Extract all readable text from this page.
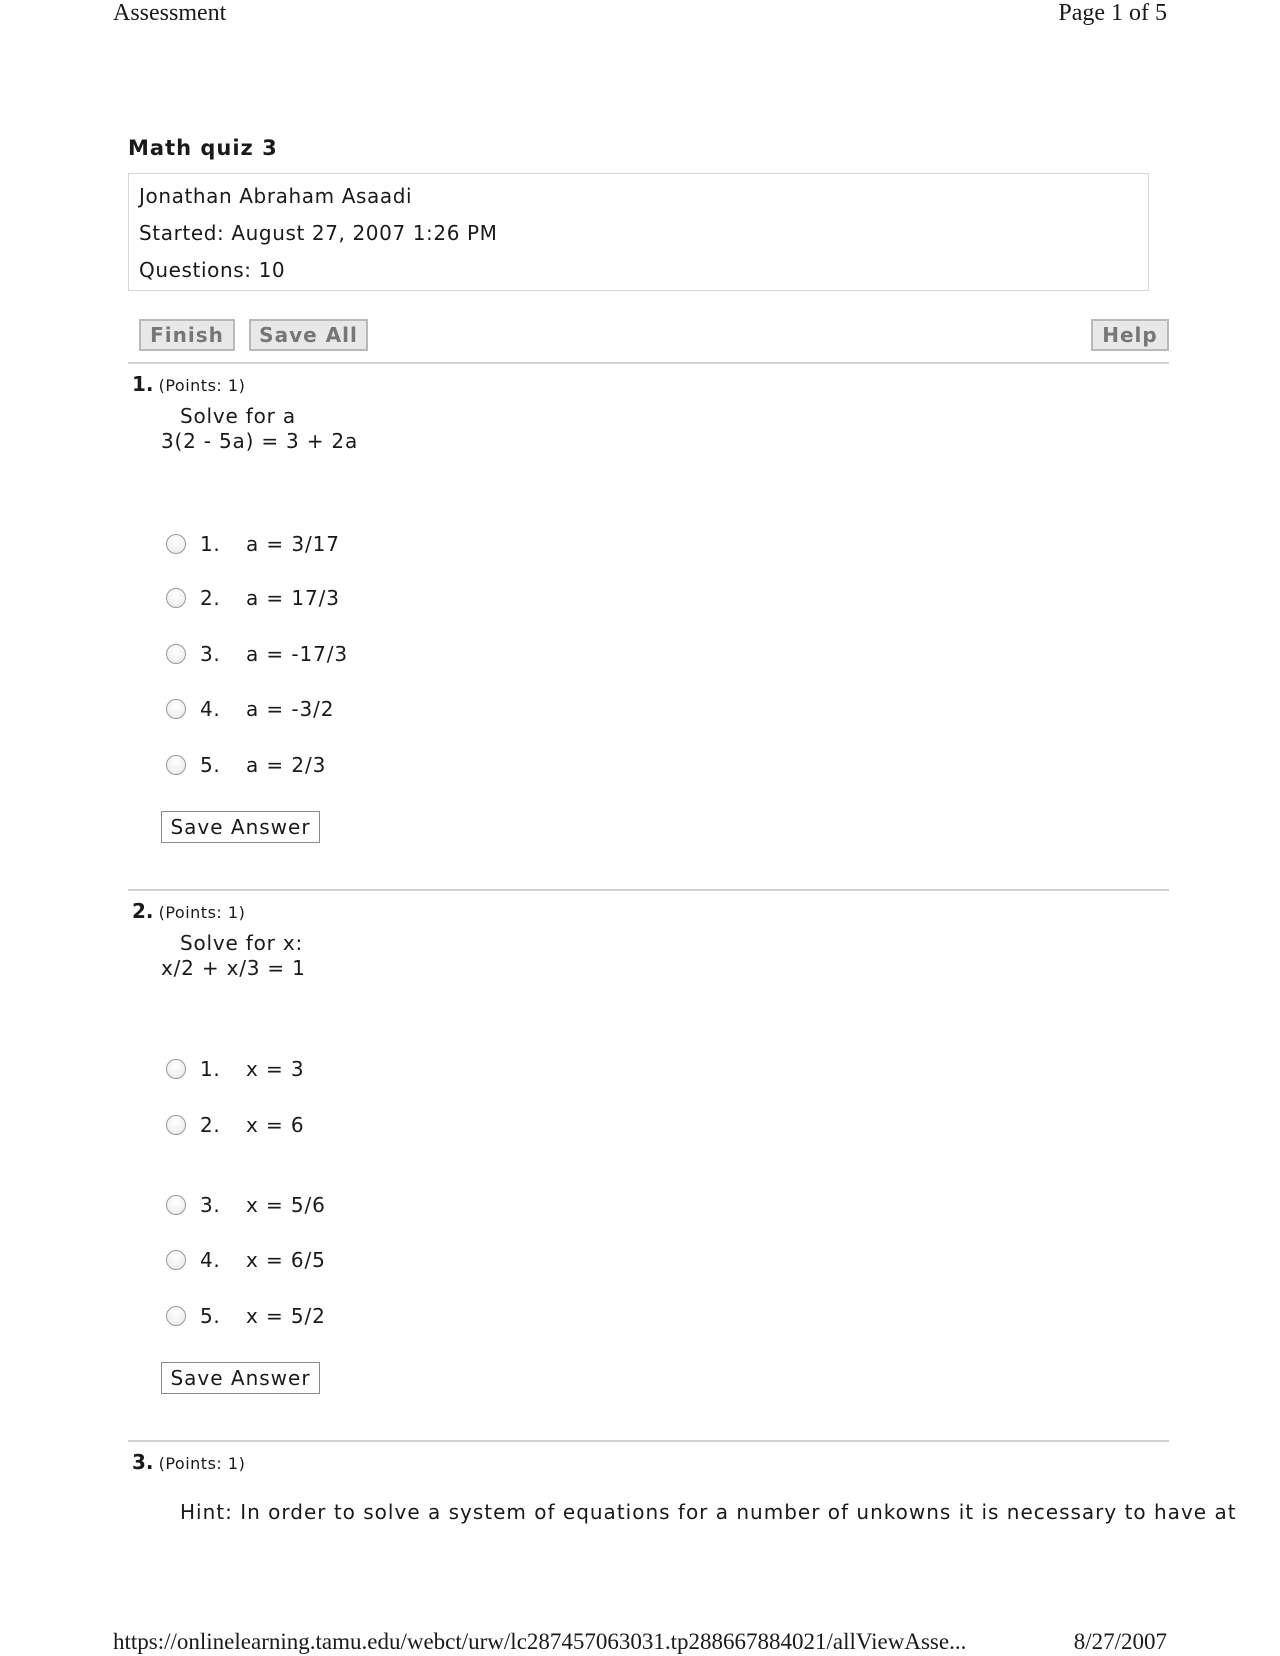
Assessment	Page 1 of 5
Math quiz 3
Jonathan Abraham Asaadi
Started: August 27, 2007 1:26 PM
Questions: 10
Finish	Save All	Help
1. (Points: 1)
Solve for a
3(2 - 5a) = 3 + 2a
1. a = 3/17
2. a = 17/3
3. a = -17/3
4. a = -3/2
5. a = 2/3
Save Answer
2. (Points: 1)
Solve for x:
x/2 + x/3 = 1
1. x = 3
2. x = 6
3. x = 5/6
4. x = 6/5
5. x = 5/2
Save Answer
3. (Points: 1)
Hint: In order to solve a system of equations for a number of unkowns it is necessary to have at
https://onlinelearning.tamu.edu/webct/urw/lc287457063031.tp288667884021/allViewAsse...	8/27/2007
